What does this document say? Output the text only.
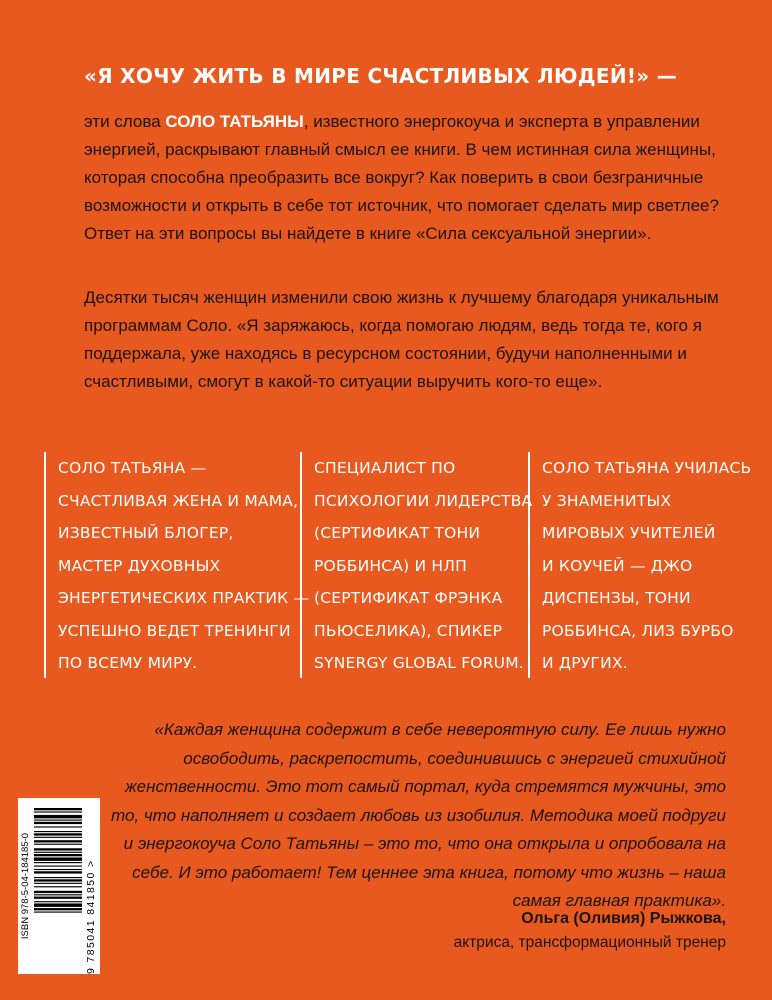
«Я ХОЧУ ЖИТЬ В МИРЕ СЧАСТЛИВЫХ ЛЮДЕЙ!» —

эти слова СОЛО ТАТЬЯНЫ, известного энергокоуча и эксперта в управлении энергией, раскрывают главный смысл ее книги. В чем истинная сила женщины, которая способна преобразить все вокруг? Как поверить в свои безграничные возможности и открыть в себе тот источник, что помогает сделать мир светлее? Ответ на эти вопросы вы найдете в книге «Сила сексуальной энергии».

Десятки тысяч женщин изменили свою жизнь к лучшему благодаря уникальным программам Соло. «Я заряжаюсь, когда помогаю людям, ведь тогда те, кого я поддержала, уже находясь в ресурсном состоянии, будучи наполненными и счастливыми, смогут в какой-то ситуации выручить кого-то еще».

СОЛО ТАТЬЯНА —
СЧАСТЛИВАЯ ЖЕНА И МАМА,
ИЗВЕСТНЫЙ БЛОГЕР,
МАСТЕР ДУХОВНЫХ
ЭНЕРГЕТИЧЕСКИХ ПРАКТИК —
УСПЕШНО ВЕДЕТ ТРЕНИНГИ
ПО ВСЕМУ МИРУ.
СПЕЦИАЛИСТ ПО
ПСИХОЛОГИИ ЛИДЕРСТВА
(СЕРТИФИКАТ ТОНИ
РОББИНСА) И НЛП
(СЕРТИФИКАТ ФРЭНКА
ПЬЮСЕЛИКА), СПИКЕР
SYNERGY GLOBAL FORUM.
СОЛО ТАТЬЯНА УЧИЛАСЬ
У ЗНАМЕНИТЫХ
МИРОВЫХ УЧИТЕЛЕЙ
И КОУЧЕЙ — ДЖО
ДИСПЕНЗЫ, ТОНИ
РОББИНСА, ЛИЗ БУРБО
И ДРУГИХ.

«Каждая женщина содержит в себе невероятную силу. Ее лишь нужно освободить, раскрепостить, соединившись с энергией стихийной женственности. Это тот самый портал, куда стремятся мужчины, это то, что наполняет и создает любовь из изобилия. Методика моей подруги и энергокоуча Соло Татьяны – это то, что она открыла и опробовала на себе. И это работает! Тем ценнее эта книга, потому что жизнь – наша самая главная практика».

Ольга (Оливия) Рыжкова,

актриса, трансформационный тренер

ISBN 978-5-04-184185-0	9 785041 841850 >
